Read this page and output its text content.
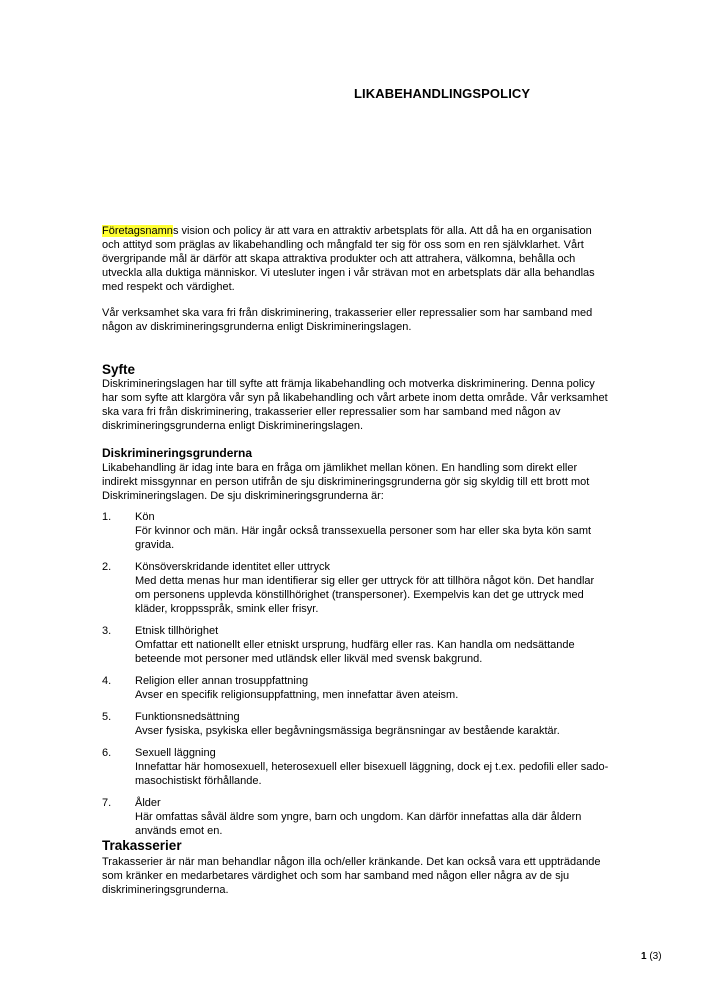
LIKABEHANDLINGSPOLICY
Företagsnamns vision och policy är att vara en attraktiv arbetsplats för alla. Att då ha en organisation och attityd som präglas av likabehandling och mångfald ter sig för oss som en ren självklarhet. Vårt övergripande mål är därför att skapa attraktiva produkter och att attrahera, välkomna, behålla och utveckla alla duktiga människor. Vi utesluter ingen i vår strävan mot en arbetsplats där alla behandlas med respekt och värdighet.
Vår verksamhet ska vara fri från diskriminering, trakasserier eller repressalier som har samband med någon av diskrimineringsgrunderna enligt Diskrimineringslagen.
Syfte
Diskrimineringslagen har till syfte att främja likabehandling och motverka diskriminering. Denna policy har som syfte att klargöra vår syn på likabehandling och vårt arbete inom detta område. Vår verksamhet ska vara fri från diskriminering, trakasserier eller repressalier som har samband med någon av diskrimineringsgrunderna enligt Diskrimineringslagen.
Diskrimineringsgrunderna
Likabehandling är idag inte bara en fråga om jämlikhet mellan könen. En handling som direkt eller indirekt missgynnar en person utifrån de sju diskrimineringsgrunderna gör sig skyldig till ett brott mot Diskrimineringslagen. De sju diskrimineringsgrunderna är:
1. Kön
För kvinnor och män. Här ingår också transsexuella personer som har eller ska byta kön samt gravida.
2. Könsöverskridande identitet eller uttryck
Med detta menas hur man identifierar sig eller ger uttryck för att tillhöra något kön. Det handlar om personens upplevda könstillhörighet (transpersoner). Exempelvis kan det ge uttryck med kläder, kroppsspråk, smink eller frisyr.
3. Etnisk tillhörighet
Omfattar ett nationellt eller etniskt ursprung, hudfärg eller ras. Kan handla om nedsättande beteende mot personer med utländsk eller likväl med svensk bakgrund.
4. Religion eller annan trosuppfattning
Avser en specifik religionsuppfattning, men innefattar även ateism.
5. Funktionsnedsättning
Avser fysiska, psykiska eller begåvningsmässiga begränsningar av bestående karaktär.
6. Sexuell läggning
Innefattar här homosexuell, heterosexuell eller bisexuell läggning, dock ej t.ex. pedofili eller sado-masochistiskt förhållande.
7. Ålder
Här omfattas såväl äldre som yngre, barn och ungdom. Kan därför innefattas alla där åldern används emot en.
Trakasserier
Trakasserier är när man behandlar någon illa och/eller kränkande. Det kan också vara ett uppträdande som kränker en medarbetares värdighet och som har samband med någon eller några av de sju diskrimineringsgrunderna.
1 (3)
